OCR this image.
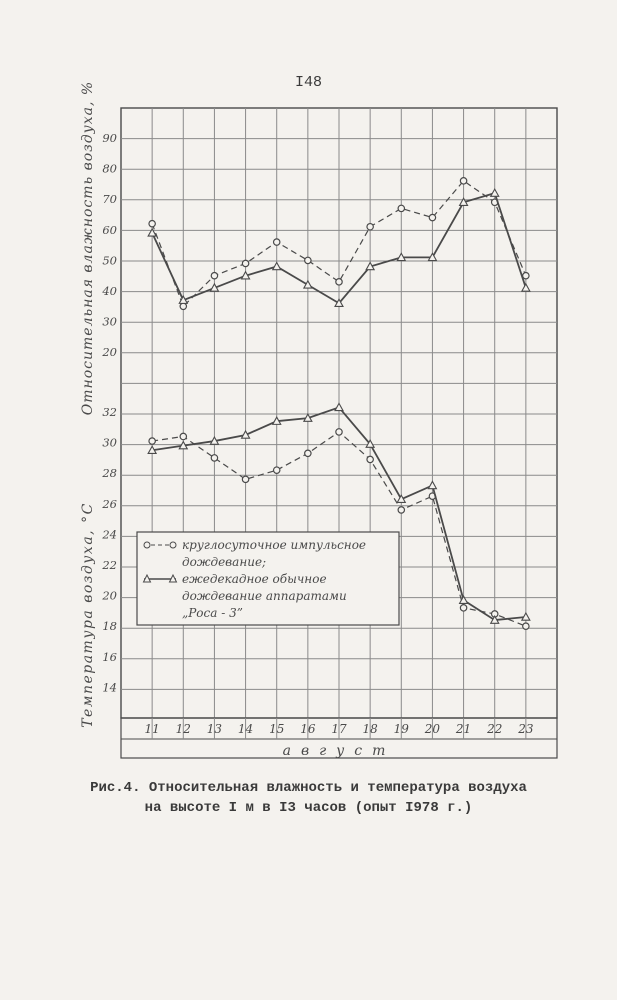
I48
11 12 13 14 15 16 17 18 19 20 21 22 23
август
20
30
40
50
60
70
80
90
14
16
18
20
22
24
26
28
30
32
Относительная влажность воздуха, %
Температура воздуха, °С	круглосуточное импульсное
дождевание;
ежедекадное обычное
дождевание аппаратами
„Роса - 3”
Рис.4. Относительная влажность и температура воздуха
на высоте I м в I3 часов (опыт I978 г.)
